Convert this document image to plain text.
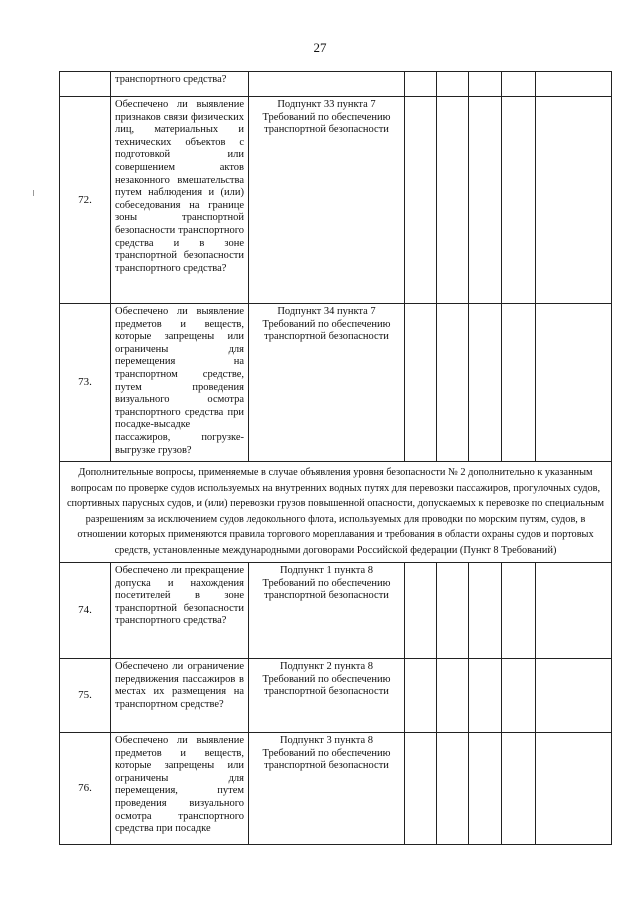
27

	транспортного средства?						

72.	Обеспечено ли выявление признаков связи физических лиц, материальных и технических объектов с подготовкой или совершением актов незаконного вмешательства путем наблюдения и (или) собеседования на границе зоны транспортной безопасности транспортного средства и в зоне транспортной безопасности транспортного средства?	Подпункт 33 пункта 7 Требований по обеспечению транспортной безопасности					
73.	Обеспечено ли выявление предметов и веществ, которые запрещены или ограничены для перемещения на транспортном средстве, путем проведения визуального осмотра транспортного средства при посадке-высадке пассажиров, погрузке-выгрузке грузов?	Подпункт 34 пункта 7 Требований по обеспечению транспортной безопасности					
Дополнительные вопросы, применяемые в случае объявления уровня безопасности № 2 дополнительно к указанным вопросам по проверке судов используемых на внутренних водных путях для перевозки пассажиров, прогулочных судов, спортивных парусных судов, и (или) перевозки грузов повышенной опасности, допускаемых к перевозке по специальным разрешениям за исключением судов ледокольного флота, используемых для проводки по морским путям, судов, в отношении которых применяются правила торгового мореплавания и требования в области охраны судов и портовых средств, установленные международными договорами Российской федерации (Пункт 8 Требований)							
74.	Обеспечено ли прекращение допуска и нахождения посетителей в зоне транспортной безопасности транспортного средства?	Подпункт 1 пункта 8 Требований по обеспечению транспортной безопасности					
75.	Обеспечено ли ограничение передвижения пассажиров в местах их размещения на транспортном средстве?	Подпункт 2 пункта 8 Требований по обеспечению транспортной безопасности					
76.	Обеспечено ли выявление предметов и веществ, которые запрещены или ограничены для перемещения, путем проведения визуального осмотра транспортного средства при посадке	Подпункт 3 пункта 8 Требований по обеспечению транспортной безопасности					
